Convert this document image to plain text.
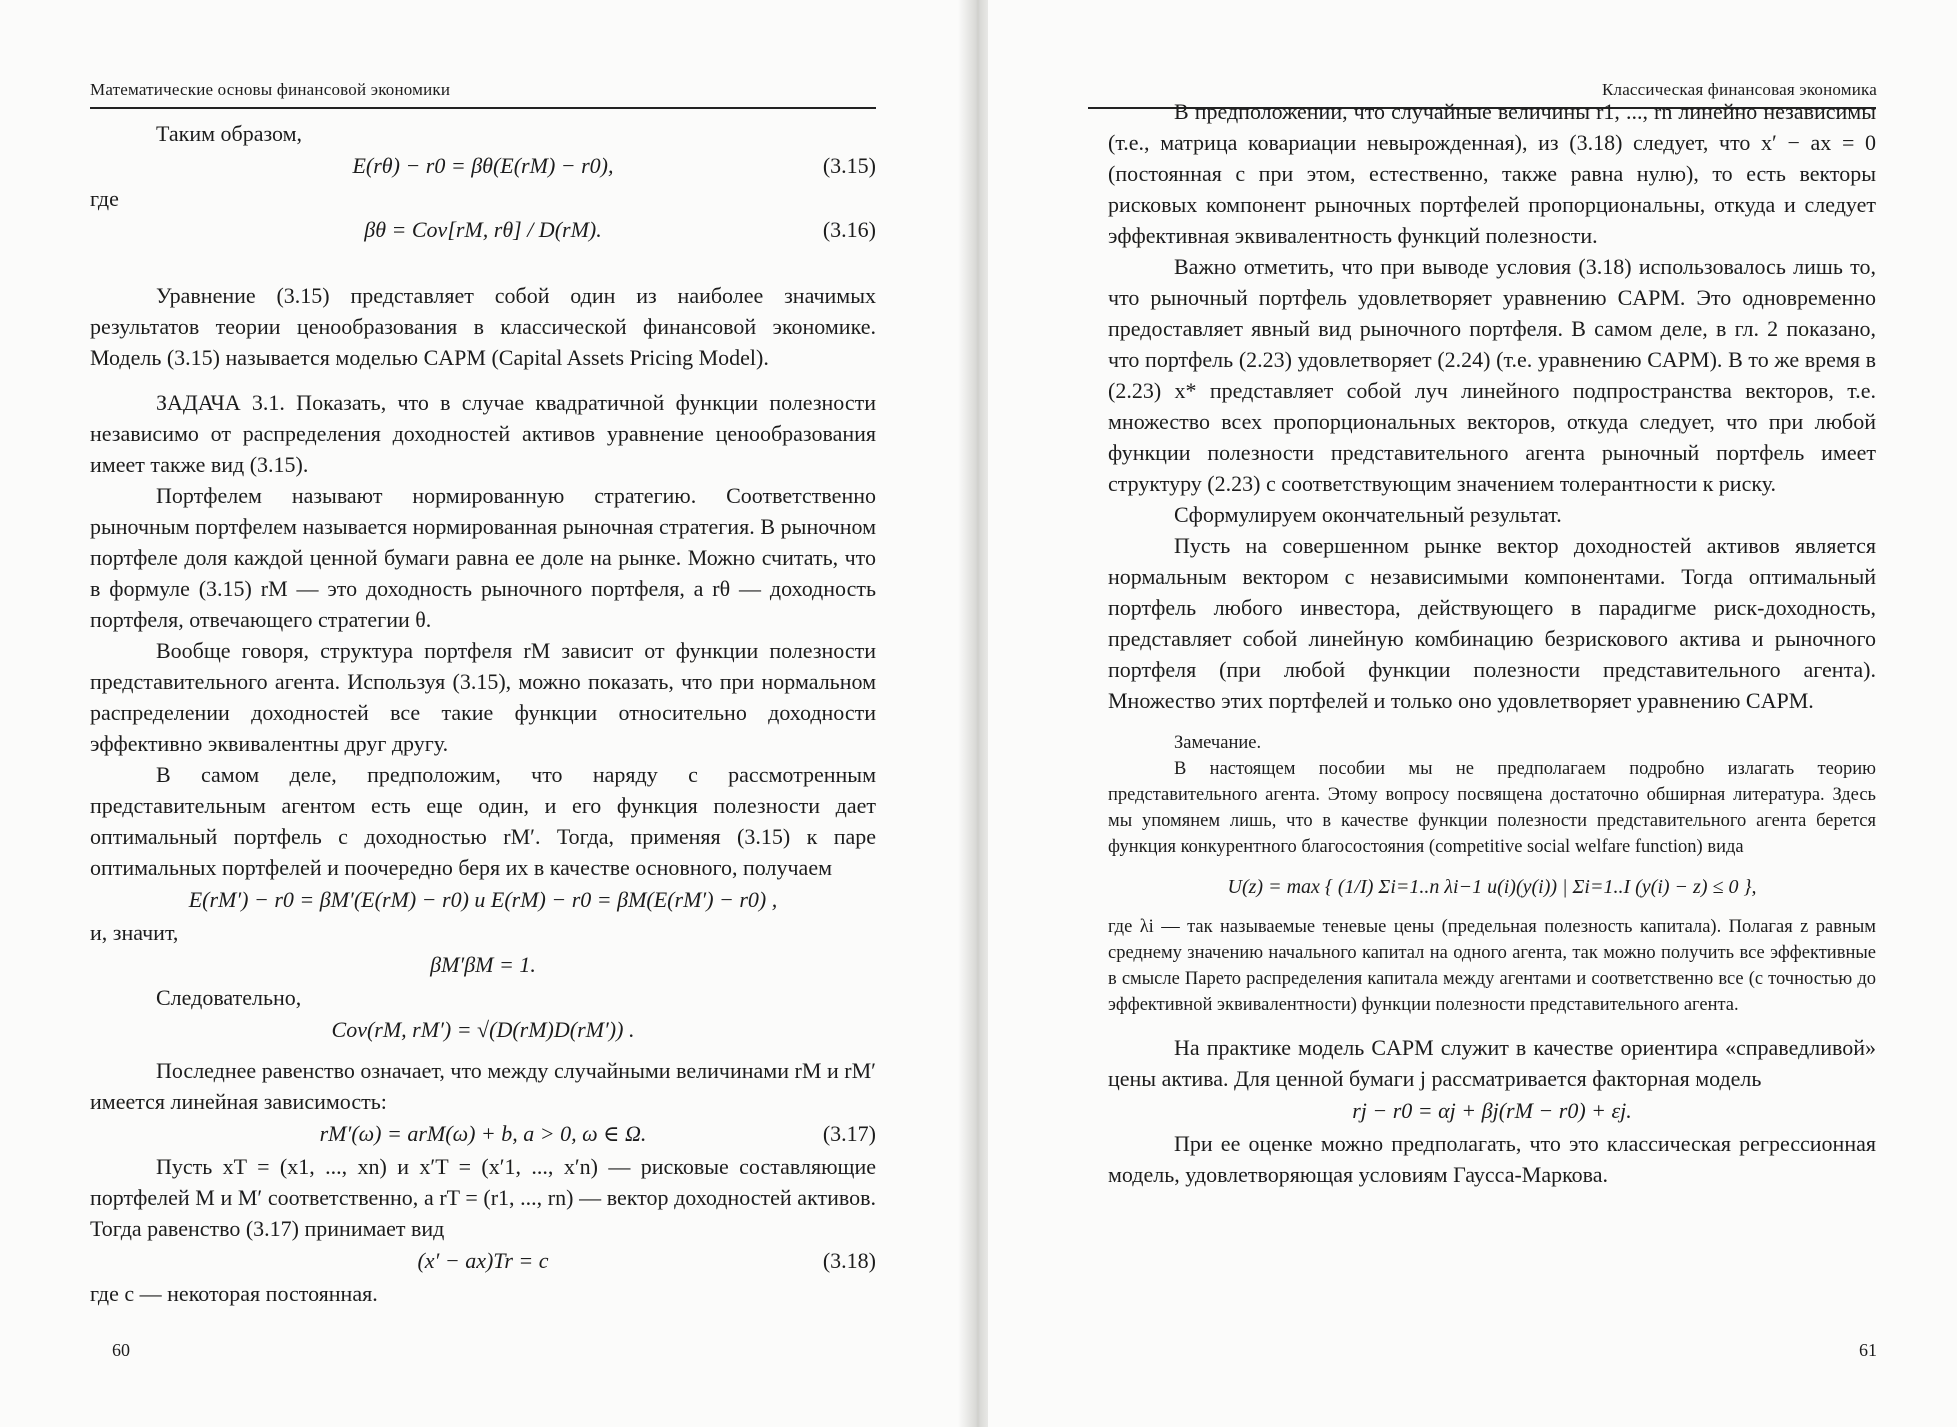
Математические основы финансовой экономики

Таким образом,

E(rθ) − r0 = βθ(E(rM) − r0),	(3.15)

где

βθ = Cov[rM, rθ] / D(rM).	(3.16)

Уравнение (3.15) представляет собой один из наиболее значимых результатов теории ценообразования в классической финансовой экономике. Модель (3.15) называется моделью CAPM (Capital Assets Pricing Model).

ЗАДАЧА 3.1. Показать, что в случае квадратичной функции полезности независимо от распределения доходностей активов уравнение ценообразования имеет также вид (3.15).

Портфелем называют нормированную стратегию. Соответственно рыночным портфелем называется нормированная рыночная стратегия. В рыночном портфеле доля каждой ценной бумаги равна ее доле на рынке. Можно считать, что в формуле (3.15) rM — это доходность рыночного портфеля, а rθ — доходность портфеля, отвечающего стратегии θ.

Вообще говоря, структура портфеля rM зависит от функции полезности представительного агента. Используя (3.15), можно показать, что при нормальном распределении доходностей все такие функции относительно доходности эффективно эквивалентны друг другу.

В самом деле, предположим, что наряду с рассмотренным представительным агентом есть еще один, и его функция полезности дает оптимальный портфель с доходностью rM′. Тогда, применяя (3.15) к паре оптимальных портфелей и поочередно беря их в качестве основного, получаем

E(rM′) − r0 = βM′(E(rM) − r0) и E(rM) − r0 = βM(E(rM′) − r0) ,

и, значит,

βM′βM = 1.

Следовательно,

Cov(rM, rM′) = √(D(rM)D(rM′)) .

Последнее равенство означает, что между случайными величинами rM и rM′ имеется линейная зависимость:

rM′(ω) = arM(ω) + b, a > 0, ω ∈ Ω.	(3.17)

Пусть xT = (x1, ..., xn) и x′T = (x′1, ..., x′n) — рисковые составляющие портфелей M и M′ соответственно, а rT = (r1, ..., rn) — вектор доходностей активов. Тогда равенство (3.17) принимает вид

(x′ − ax)Tr = c	(3.18)

где c — некоторая постоянная.

60
Классическая финансовая экономика

В предположении, что случайные величины r1, ..., rn линейно независимы (т.е., матрица ковариации невырожденная), из (3.18) следует, что x′ − ax = 0 (постоянная c при этом, естественно, также равна нулю), то есть векторы рисковых компонент рыночных портфелей пропорциональны, откуда и следует эффективная эквивалентность функций полезности.

Важно отметить, что при выводе условия (3.18) использовалось лишь то, что рыночный портфель удовлетворяет уравнению CAPM. Это одновременно предоставляет явный вид рыночного портфеля. В самом деле, в гл. 2 показано, что портфель (2.23) удовлетворяет (2.24) (т.е. уравнению CAPM). В то же время в (2.23) x* представляет собой луч линейного подпространства векторов, т.е. множество всех пропорциональных векторов, откуда следует, что при любой функции полезности представительного агента рыночный портфель имеет структуру (2.23) с соответствующим значением толерантности к риску.

Сформулируем окончательный результат.

Пусть на совершенном рынке вектор доходностей активов является нормальным вектором с независимыми компонентами. Тогда оптимальный портфель любого инвестора, действующего в парадигме риск-доходность, представляет собой линейную комбинацию безрискового актива и рыночного портфеля (при любой функции полезности представительного агента). Множество этих портфелей и только оно удовлетворяет уравнению CAPM.

Замечание.

В настоящем пособии мы не предполагаем подробно излагать теорию представительного агента. Этому вопросу посвящена достаточно обширная литература. Здесь мы упомянем лишь, что в качестве функции полезности представительного агента берется функция конкурентного благосостояния (competitive social welfare function) вида

U(z) = max { (1/I) Σi=1..n λi−1 u(i)(y(i)) | Σi=1..I (y(i) − z) ≤ 0 },

где λi — так называемые теневые цены (предельная полезность капитала). Полагая z равным среднему значению начального капитал на одного агента, так можно получить все эффективные в смысле Парето распределения капитала между агентами и соответственно все (с точностью до эффективной эквивалентности) функции полезности представительного агента.

На практике модель CAPM служит в качестве ориентира «справедливой» цены актива. Для ценной бумаги j рассматривается факторная модель

rj − r0 = αj + βj(rM − r0) + εj.

При ее оценке можно предполагать, что это классическая регрессионная модель, удовлетворяющая условиям Гаусса-Маркова.

61
